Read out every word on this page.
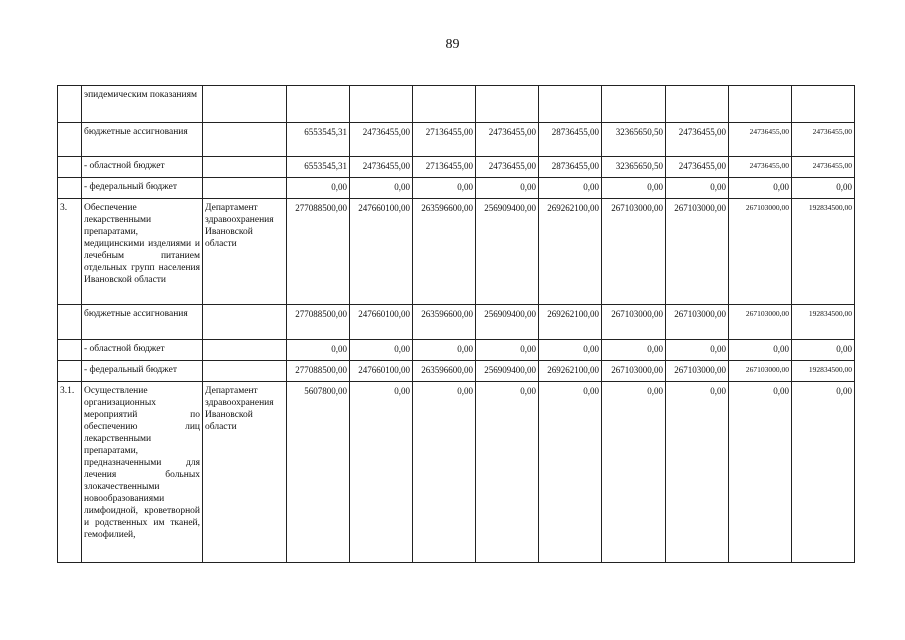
89
	эпидемическим показаниям										
	бюджетные ассигнования		6553545,31	24736455,00	27136455,00	24736455,00	28736455,00	32365650,50	24736455,00	24736455,00	24736455,00
	- областной бюджет		6553545,31	24736455,00	27136455,00	24736455,00	28736455,00	32365650,50	24736455,00	24736455,00	24736455,00
	- федеральный бюджет		0,00	0,00	0,00	0,00	0,00	0,00	0,00	0,00	0,00
3.	Обеспечение лекарственными препаратами, медицинскими изделиями и лечебным питанием отдельных групп населения Ивановской области	Департамент здравоохранения Ивановской области	277088500,00	247660100,00	263596600,00	256909400,00	269262100,00	267103000,00	267103000,00	267103000,00	192834500,00
	бюджетные ассигнования		277088500,00	247660100,00	263596600,00	256909400,00	269262100,00	267103000,00	267103000,00	267103000,00	192834500,00
	- областной бюджет		0,00	0,00	0,00	0,00	0,00	0,00	0,00	0,00	0,00
	- федеральный бюджет		277088500,00	247660100,00	263596600,00	256909400,00	269262100,00	267103000,00	267103000,00	267103000,00	192834500,00
3.1.	Осуществление организационных мероприятий по обеспечению лиц лекарственными препаратами, предназначенными для лечения больных злокачественными новообразованиями лимфоидной, кроветворной и родственных им тканей, гемофилией,	Департамент здравоохранения Ивановской области	5607800,00	0,00	0,00	0,00	0,00	0,00	0,00	0,00	0,00
